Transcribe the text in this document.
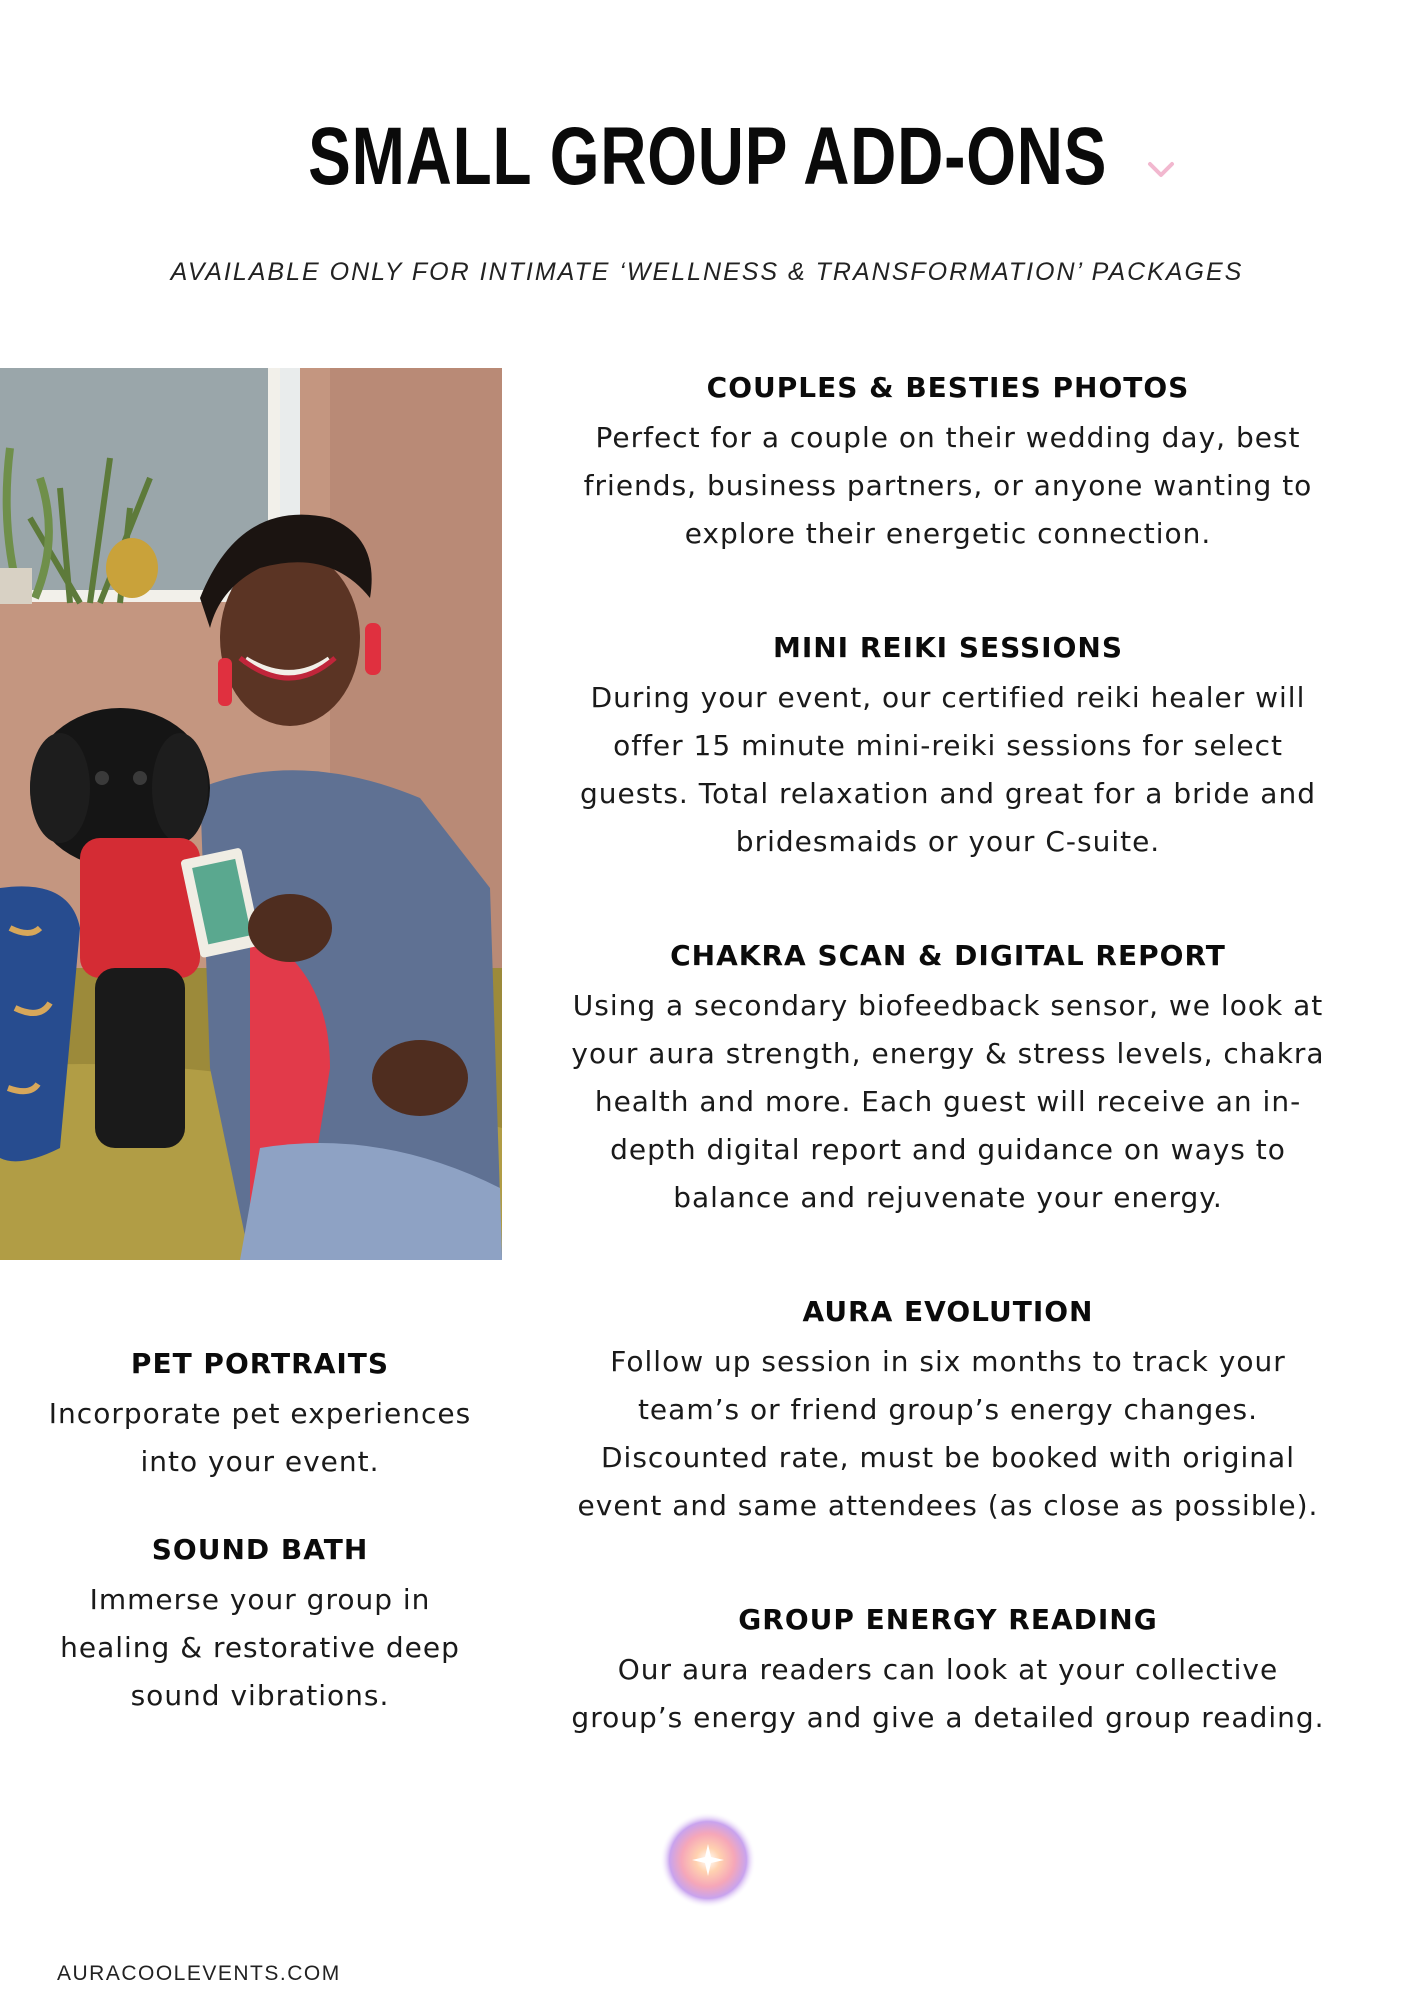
SMALL GROUP ADD-ONS
AVAILABLE ONLY FOR INTIMATE ‘WELLNESS & TRANSFORMATION’ PACKAGES
COUPLES & BESTIES PHOTOS

Perfect for a couple on their wedding day, best friends, business partners, or anyone wanting to explore their energetic connection.

MINI REIKI SESSIONS

During your event, our certified reiki healer will offer 15 minute mini-reiki sessions for select guests. Total relaxation and great for a bride and bridesmaids or your C-suite.

CHAKRA SCAN & DIGITAL REPORT

Using a secondary biofeedback sensor, we look at your aura strength, energy & stress levels, chakra health and more. Each guest will receive an in-depth digital report and guidance on ways to balance and rejuvenate your energy.

AURA EVOLUTION

Follow up session in six months to track your team’s or friend group’s energy changes. Discounted rate, must be booked with original event and same attendees (as close as possible).

GROUP ENERGY READING

Our aura readers can look at your collective group’s energy and give a detailed group reading.

PET PORTRAITS

Incorporate pet experiences into your event.

SOUND BATH

Immerse your group in healing & restorative deep sound vibrations.

AURACOOLEVENTS.COM
